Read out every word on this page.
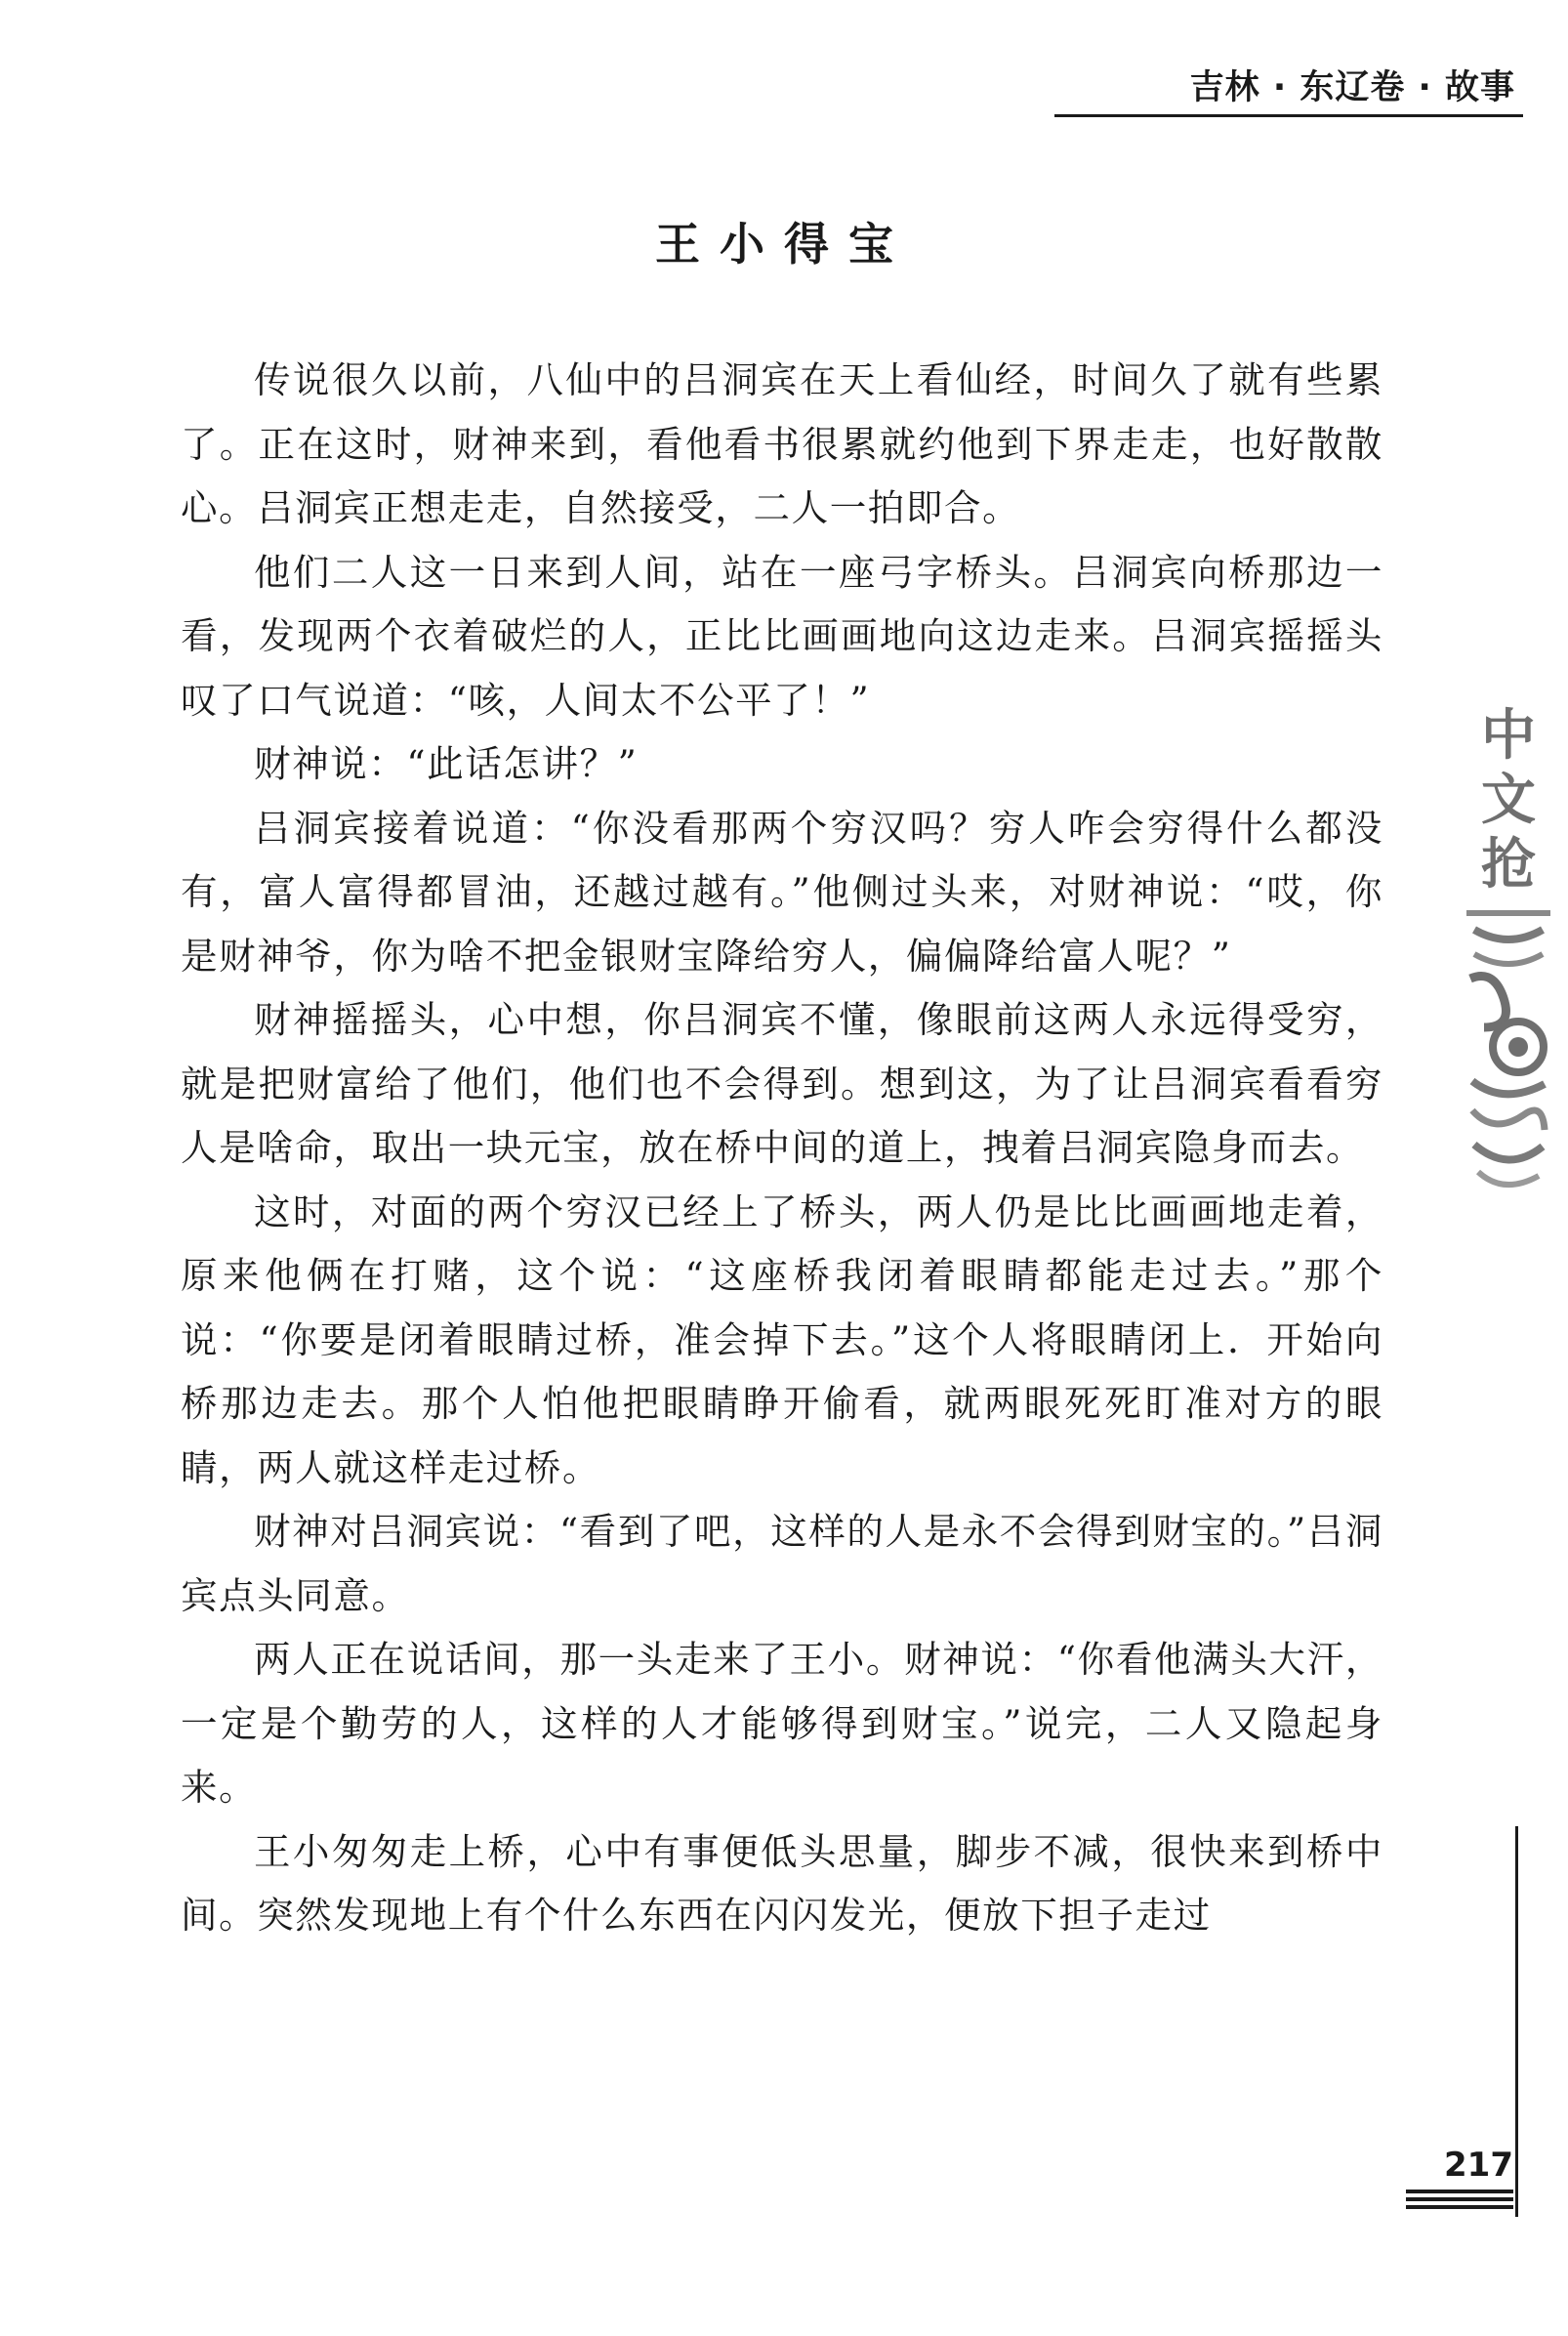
吉林 · 东辽卷 · 故事
王小得宝

传说很久以前，八仙中的吕洞宾在天上看仙经，时间久了就有些累了。正在这时，财神来到，看他看书很累就约他到下界走走，也好散散心。吕洞宾正想走走，自然接受，二人一拍即合。

他们二人这一日来到人间，站在一座弓字桥头。吕洞宾向桥那边一看，发现两个衣着破烂的人，正比比画画地向这边走来。吕洞宾摇摇头叹了口气说道：“咳，人间太不公平了！”

财神说：“此话怎讲？”

吕洞宾接着说道：“你没看那两个穷汉吗？穷人咋会穷得什么都没有，富人富得都冒油，还越过越有。”他侧过头来，对财神说：“哎，你是财神爷，你为啥不把金银财宝降给穷人，偏偏降给富人呢？”

财神摇摇头，心中想，你吕洞宾不懂，像眼前这两人永远得受穷，就是把财富给了他们，他们也不会得到。想到这，为了让吕洞宾看看穷人是啥命，取出一块元宝，放在桥中间的道上，拽着吕洞宾隐身而去。

这时，对面的两个穷汉已经上了桥头，两人仍是比比画画地走着，原来他俩在打赌，这个说：“这座桥我闭着眼睛都能走过去。”那个说：“你要是闭着眼睛过桥，准会掉下去。”这个人将眼睛闭上．开始向桥那边走去。那个人怕他把眼睛睁开偷看，就两眼死死盯准对方的眼睛，两人就这样走过桥。

财神对吕洞宾说：“看到了吧，这样的人是永不会得到财宝的。”吕洞宾点头同意。

两人正在说话间，那一头走来了王小。财神说：“你看他满头大汗，一定是个勤劳的人，这样的人才能够得到财宝。”说完，二人又隐起身来。

王小匆匆走上桥，心中有事便低头思量，脚步不减，很快来到桥中间。突然发现地上有个什么东西在闪闪发光，便放下担子走过

中
文
抢
217
